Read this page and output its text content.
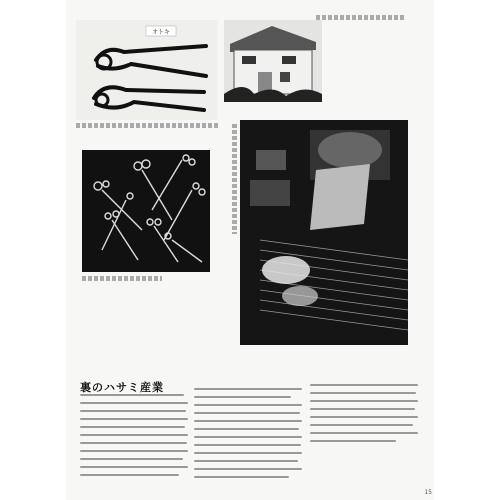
オトキ
裏のハサミ産業
15
